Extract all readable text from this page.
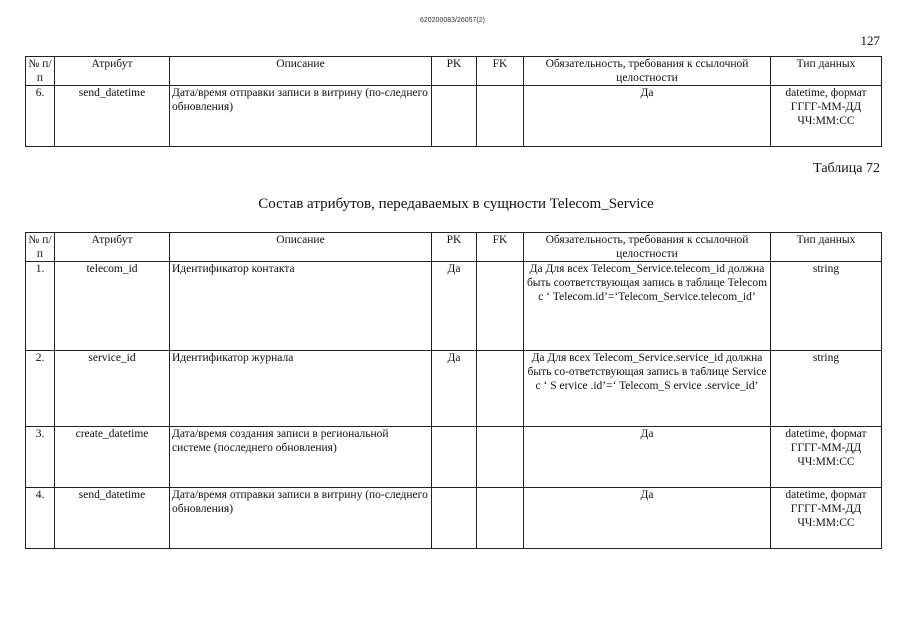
620200083/26057(2)
127
№ п/п	Атрибут	Описание	PK	FK	Обязательность, требования к ссылочной целостности	Тип данных
6.	send_datetime	Дата/время отправки записи в витрину (по-следнего обновления)			Да	datetime, формат ГГГГ-ММ-ДД ЧЧ:ММ:СС
Таблица 72
Состав атрибутов, передаваемых в сущности Telecom_Service
№ п/п	Атрибут	Описание	PK	FK	Обязательность, требования к ссылочной целостности	Тип данных
1.	telecom_id	Идентификатор контакта	Да		Да Для всех Telecom_Service.telecom_id должна быть соответствующая запись в таблице Telecom с ‘ Telecom.id’=‘Telecom_Service.telecom_id’	string
2.	service_id	Идентификатор журнала	Да		Да Для всех Telecom_Service.service_id должна быть со-ответствующая запись в таблице Service с ‘ S ervice .id’=‘ Telecom_S ervice .service_id’	string
3.	create_datetime	Дата/время создания записи в региональной системе (последнего обновления)			Да	datetime, формат ГГГГ-ММ-ДД ЧЧ:ММ:СС
4.	send_datetime	Дата/время отправки записи в витрину (по-следнего обновления)			Да	datetime, формат ГГГГ-ММ-ДД ЧЧ:ММ:СС
